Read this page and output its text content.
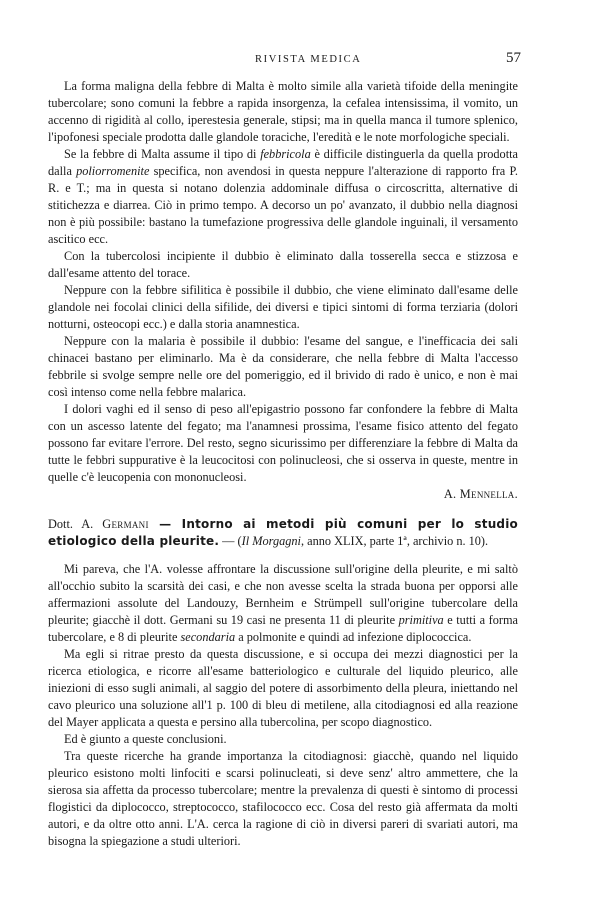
RIVISTA MEDICA	57

La forma maligna della febbre di Malta è molto simile alla varietà tifoide della meningite tubercolare; sono comuni la febbre a rapida insorgenza, la cefalea intensissima, il vomito, un accenno di rigidità al collo, iperestesia generale, stipsi; ma in quella manca il tumore splenico, l'ipofonesi speciale prodotta dalle glandole toraciche, l'eredità e le note morfologiche speciali.

Se la febbre di Malta assume il tipo di febbricola è difficile distinguerla da quella prodotta dalla poliorromenite specifica, non avendosi in questa neppure l'alterazione di rapporto fra P. R. e T.; ma in questa si notano dolenzia addominale diffusa o circoscritta, alternative di stitichezza e diarrea. Ciò in primo tempo. A decorso un po' avanzato, il dubbio nella diagnosi non è più possibile: bastano la tumefazione progressiva delle glandole inguinali, il versamento ascitico ecc.

Con la tubercolosi incipiente il dubbio è eliminato dalla tosserella secca e stizzosa e dall'esame attento del torace.

Neppure con la febbre sifilitica è possibile il dubbio, che viene eliminato dall'esame delle glandole nei focolai clinici della sifilide, dei diversi e tipici sintomi di forma terziaria (dolori notturni, osteocopi ecc.) e dalla storia anamnestica.

Neppure con la malaria è possibile il dubbio: l'esame del sangue, e l'inefficacia dei sali chinacei bastano per eliminarlo. Ma è da considerare, che nella febbre di Malta l'accesso febbrile si svolge sempre nelle ore del pomeriggio, ed il brivido di rado è unico, e non è mai così intenso come nella febbre malarica.

I dolori vaghi ed il senso di peso all'epigastrio possono far confondere la febbre di Malta con un ascesso latente del fegato; ma l'anamnesi prossima, l'esame fisico attento del fegato possono far evitare l'errore. Del resto, segno sicurissimo per differenziare la febbre di Malta da tutte le febbri suppurative è la leucocitosi con polinucleosi, che si osserva in queste, mentre in quelle c'è leucopenia con mononucleosi.

A. Mennella.

Dott. A. Germani — Intorno ai metodi più comuni per lo studio etiologico della pleurite. — (Il Morgagni, anno XLIX, parte 1ª, archivio n. 10).

Mi pareva, che l'A. volesse affrontare la discussione sull'origine della pleurite, e mi saltò all'occhio subito la scarsità dei casi, e che non avesse scelta la strada buona per opporsi alle affermazioni assolute del Landouzy, Bernheim e Strümpell sull'origine tubercolare della pleurite; giacchè il dott. Germani su 19 casi ne presenta 11 di pleurite primitiva e tutti a forma tubercolare, e 8 di pleurite secondaria a polmonite e quindi ad infezione diplococcica.

Ma egli si ritrae presto da questa discussione, e si occupa dei mezzi diagnostici per la ricerca etiologica, e ricorre all'esame batteriologico e culturale del liquido pleurico, alle iniezioni di esso sugli animali, al saggio del potere di assorbimento della pleura, iniettando nel cavo pleurico una soluzione all'1 p. 100 di bleu di metilene, alla citodiagnosi ed alla reazione del Mayer applicata a questa e persino alla tubercolina, per scopo diagnostico.

Ed è giunto a queste conclusioni.

Tra queste ricerche ha grande importanza la citodiagnosi: giacchè, quando nel liquido pleurico esistono molti linfociti e scarsi polinucleati, si deve senz' altro ammettere, che la sierosa sia affetta da processo tubercolare; mentre la prevalenza di questi è sintomo di processi flogistici da diplococco, streptococco, stafilococco ecc. Cosa del resto già affermata da molti autori, e da oltre otto anni. L'A. cerca la ragione di ciò in diversi pareri di svariati autori, ma bisogna la spiegazione a studi ulteriori.
